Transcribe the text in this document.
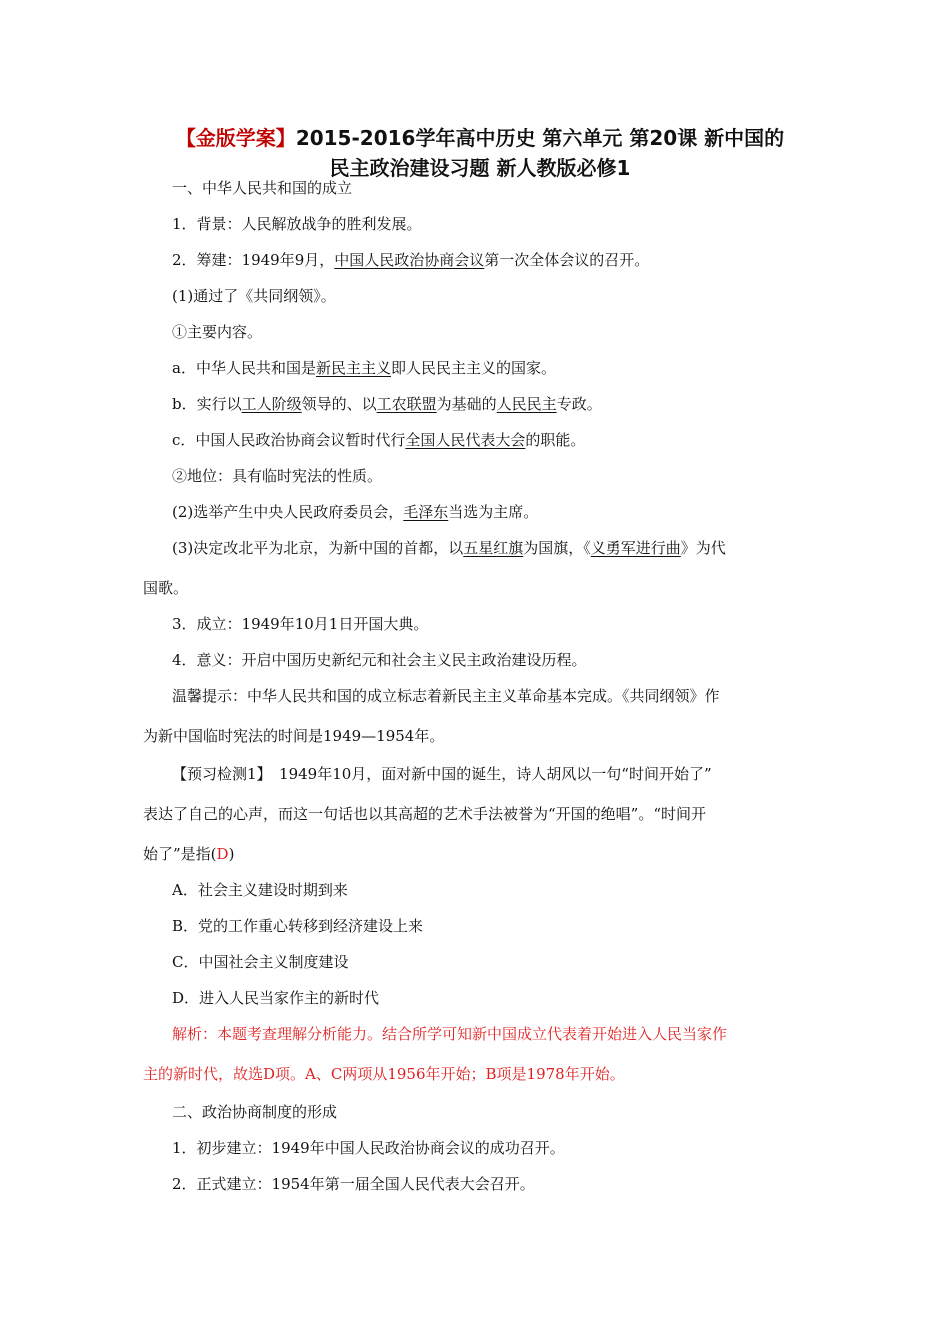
【金版学案】2015-2016学年高中历史 第六单元 第20课 新中国的
民主政治建设习题 新人教版必修1
一、中华人民共和国的成立
1．背景：人民解放战争的胜利发展。
2．筹建：1949年9月，中国人民政治协商会议第一次全体会议的召开。
(1)通过了《共同纲领》。
①主要内容。
a．中华人民共和国是新民主主义即人民民主主义的国家。
b．实行以工人阶级领导的、以工农联盟为基础的人民民主专政。
c．中国人民政治协商会议暂时代行全国人民代表大会的职能。
②地位：具有临时宪法的性质。
(2)选举产生中央人民政府委员会，毛泽东当选为主席。
(3)决定改北平为北京，为新中国的首都，以五星红旗为国旗，《义勇军进行曲》为代
国歌。
3．成立：1949年10月1日开国大典。
4．意义：开启中国历史新纪元和社会主义民主政治建设历程。
温馨提示：中华人民共和国的成立标志着新民主主义革命基本完成。《共同纲领》作
为新中国临时宪法的时间是1949—1954年。
【预习检测1】　1949年10月，面对新中国的诞生，诗人胡风以一句“时间开始了”
表达了自己的心声，而这一句话也以其高超的艺术手法被誉为“开国的绝唱”。“时间开
始了”是指(D)
A．社会主义建设时期到来
B．党的工作重心转移到经济建设上来
C．中国社会主义制度建设
D．进入人民当家作主的新时代
解析：本题考查理解分析能力。结合所学可知新中国成立代表着开始进入人民当家作
主的新时代，故选D项。A、C两项从1956年开始；B项是1978年开始。
二、政治协商制度的形成
1．初步建立：1949年中国人民政治协商会议的成功召开。
2．正式建立：1954年第一届全国人民代表大会召开。
